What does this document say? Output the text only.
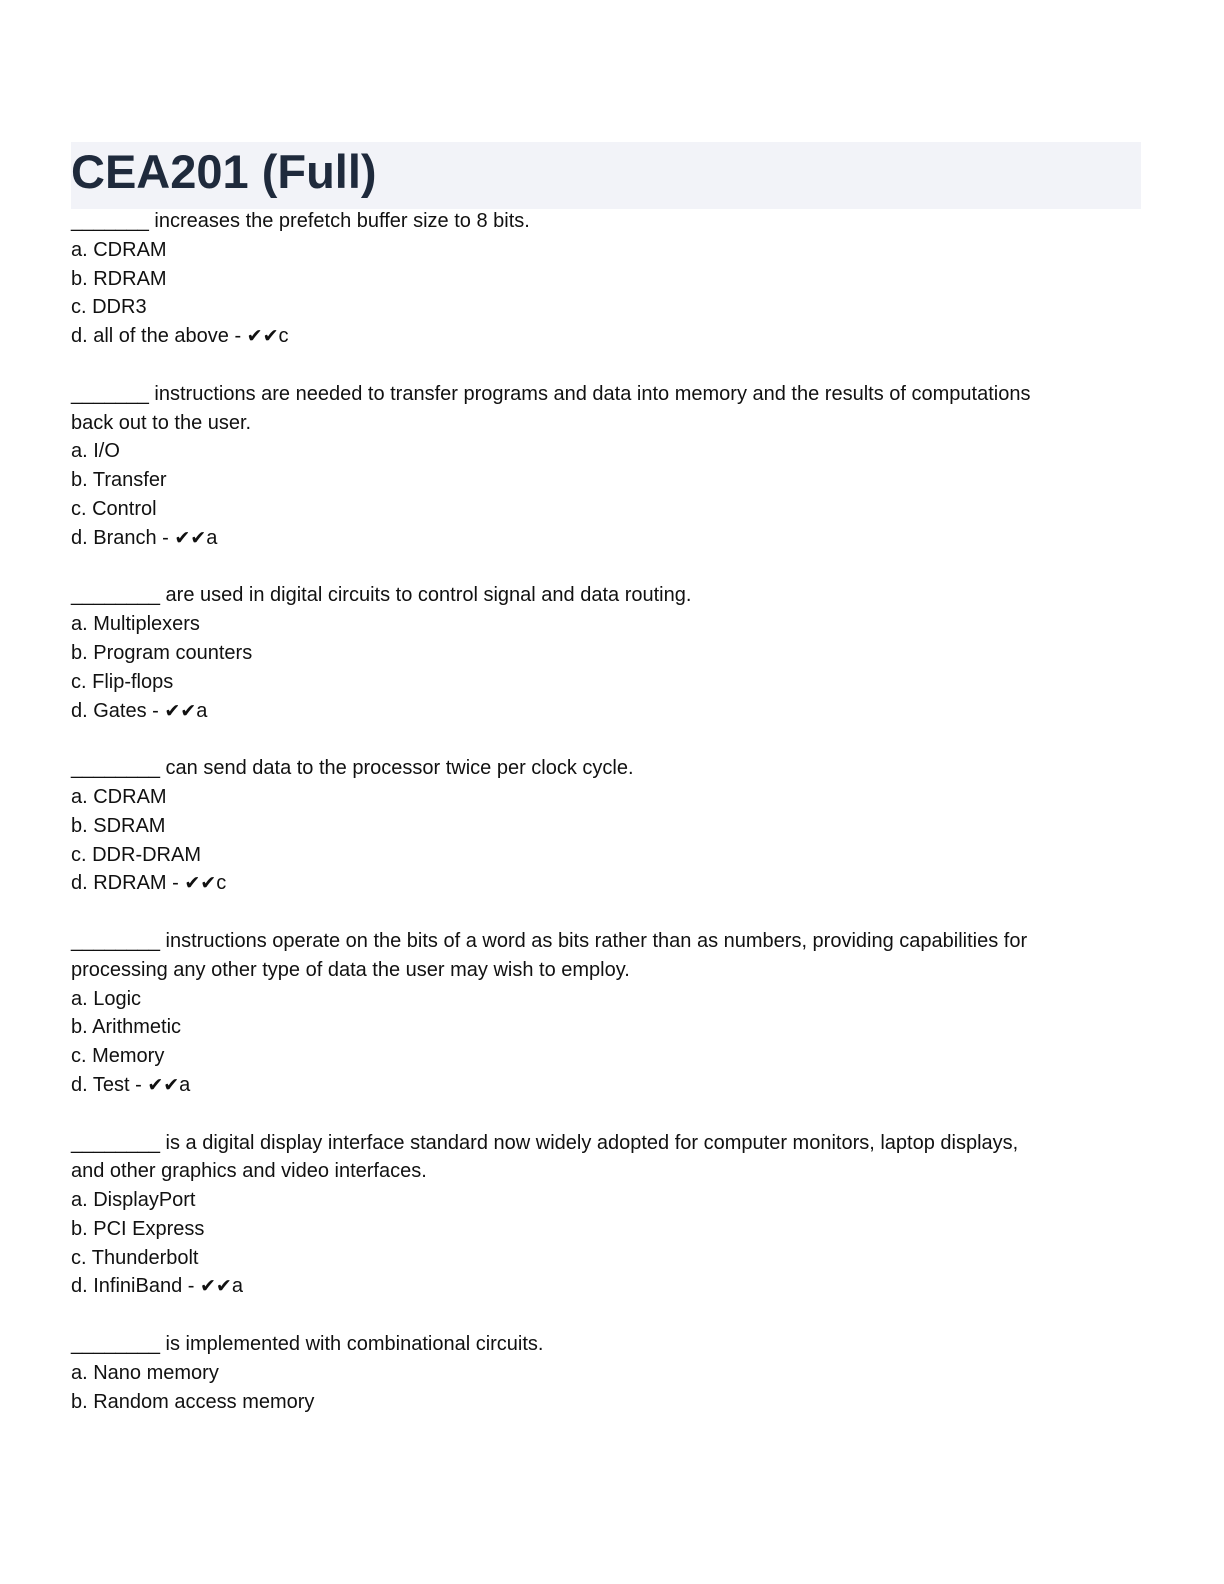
CEA201 (Full)
_______ increases the prefetch buffer size to 8 bits.
a. CDRAM
b. RDRAM
c. DDR3
d. all of the above - ✔✔c
_______ instructions are needed to transfer programs and data into memory and the results of computations
back out to the user.
a. I/O
b. Transfer
c. Control
d. Branch - ✔✔a
________ are used in digital circuits to control signal and data routing.
a. Multiplexers
b. Program counters
c. Flip-flops
d. Gates - ✔✔a
________ can send data to the processor twice per clock cycle.
a. CDRAM
b. SDRAM
c. DDR-DRAM
d. RDRAM - ✔✔c
________ instructions operate on the bits of a word as bits rather than as numbers, providing capabilities for
processing any other type of data the user may wish to employ.
a. Logic
b. Arithmetic
c. Memory
d. Test - ✔✔a
________ is a digital display interface standard now widely adopted for computer monitors, laptop displays,
and other graphics and video interfaces.
a. DisplayPort
b. PCI Express
c. Thunderbolt
d. InfiniBand - ✔✔a
________ is implemented with combinational circuits.
a. Nano memory
b. Random access memory
